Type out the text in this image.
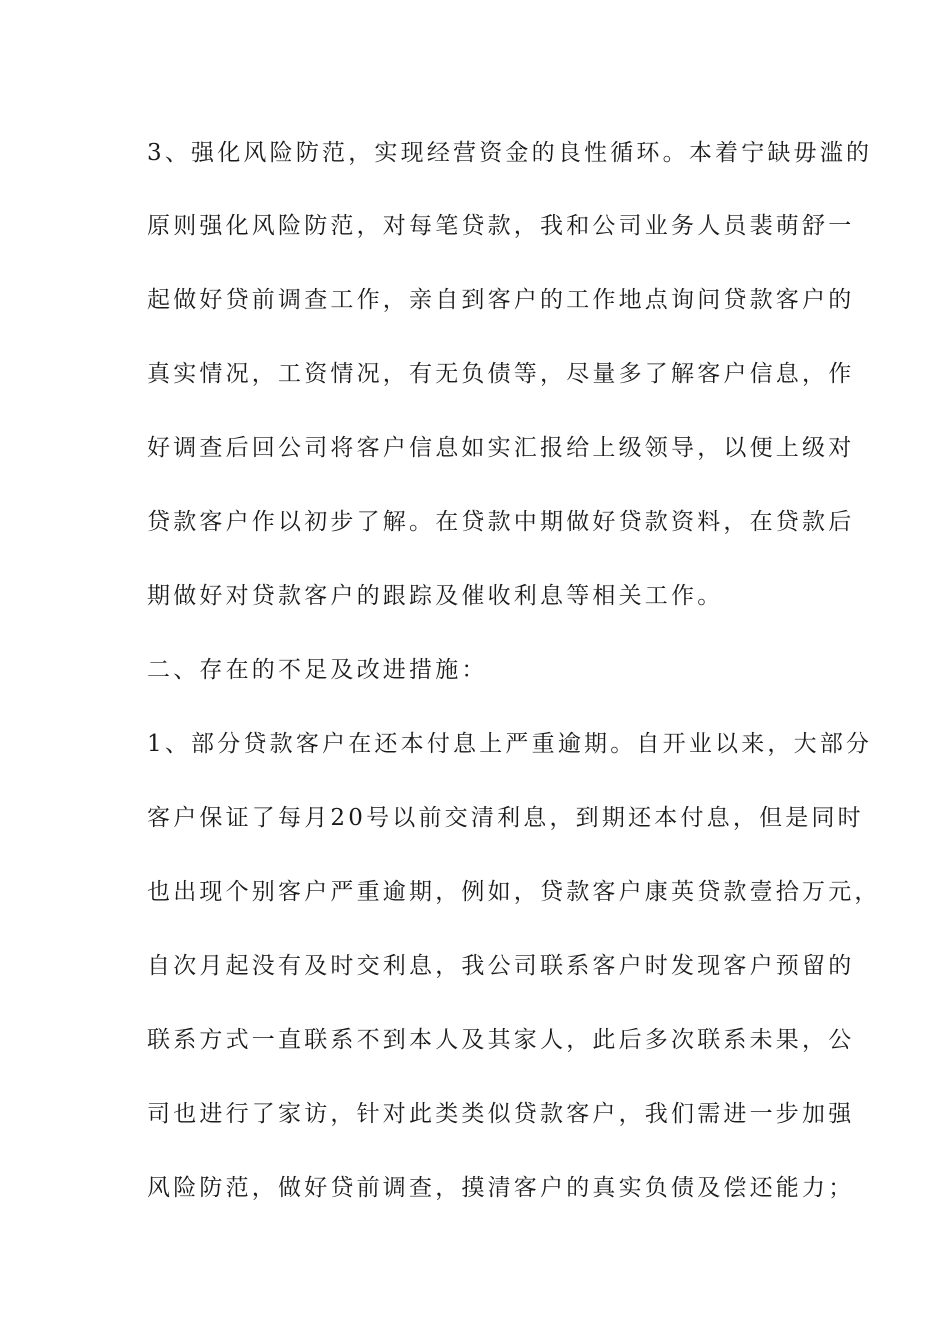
3、强化风险防范，实现经营资金的良性循环。本着宁缺毋滥的

原则强化风险防范，对每笔贷款，我和公司业务人员裴萌舒一

起做好贷前调查工作，亲自到客户的工作地点询问贷款客户的

真实情况，工资情况，有无负债等，尽量多了解客户信息，作

好调查后回公司将客户信息如实汇报给上级领导，以便上级对

贷款客户作以初步了解。在贷款中期做好贷款资料，在贷款后

期做好对贷款客户的跟踪及催收利息等相关工作。

二、存在的不足及改进措施：

1、部分贷款客户在还本付息上严重逾期。自开业以来，大部分

客户保证了每月20号以前交清利息，到期还本付息，但是同时

也出现个别客户严重逾期，例如，贷款客户康英贷款壹拾万元，

自次月起没有及时交利息，我公司联系客户时发现客户预留的

联系方式一直联系不到本人及其家人，此后多次联系未果，公

司也进行了家访，针对此类类似贷款客户，我们需进一步加强

风险防范，做好贷前调查，摸清客户的真实负债及偿还能力；
